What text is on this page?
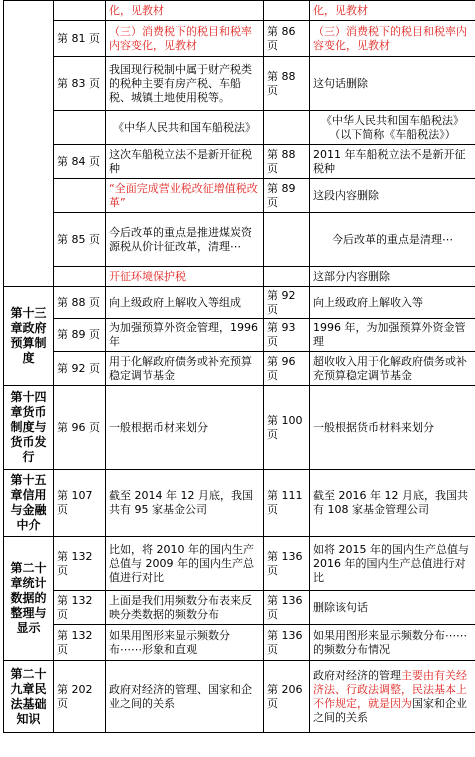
		化，见教材		化，见教材
	第 81 页	（三）消费税下的税目和税率内容变化，见教材	第 86 页	（三）消费税下的税目和税率内容变化，见教材
	第 83 页	我国现行税制中属于财产税类的税种主要有房产税、车船税、城镇土地使用税等。	第 88 页	这句话删除
		《中华人民共和国车船税法》		《中华人民共和国车船税法》（以下简称《车船税法》）
	第 84 页	这次车船税立法不是新开征税种	第 88 页	2011 年车船税立法不是新开征税种
		“全面完成营业税改征增值税改革”	第 89 页	这段内容删除
	第 85 页	今后改革的重点是推进煤炭资源税从价计征改革，清理⋯		今后改革的重点是清理⋯
		开征环境保护税		这部分内容删除
第十三章政府预算制度	第 88 页	向上级政府上解收入等组成	第 92 页	向上级政府上解收入等
	第 89 页	为加强预算外资金管理，1996 年	第 93 页	1996 年，为加强预算外资金管理
	第 92 页	用于化解政府债务或补充预算稳定调节基金	第 96 页	超收收入用于化解政府债务或补充预算稳定调节基金
第十四章货币制度与货币发行	第 96 页	一般根据币材来划分	第 100 页	一般根据货币材料来划分
第十五章信用与金融中介	第 107 页	截至 2014 年 12 月底，我国共有 95 家基金公司	第 111 页	截至 2016 年 12 月底，我国共有 108 家基金管理公司
第二十章统计数据的整理与显示	第 132 页	比如，将 2010 年的国内生产总值与 2009 年的国内生产总值进行对比	第 136 页	如将 2015 年的国内生产总值与 2016 年的国内生产总值进行对比
	第 132 页	上面是我们用频数分布表来反映分类数据的频数分布	第 136 页	删除该句话
	第 132 页	如果用图形来显示频数分布⋯⋯形象和直观	第 136 页	如果用图形来显示频数分布⋯⋯的频数分布情况
第二十九章民法基础知识	第 202 页	政府对经济的管理、国家和企业之间的关系	第 206 页	政府对经济的管理主要由有关经济法、行政法调整，民法基本上不作规定，就是因为国家和企业之间的关系
